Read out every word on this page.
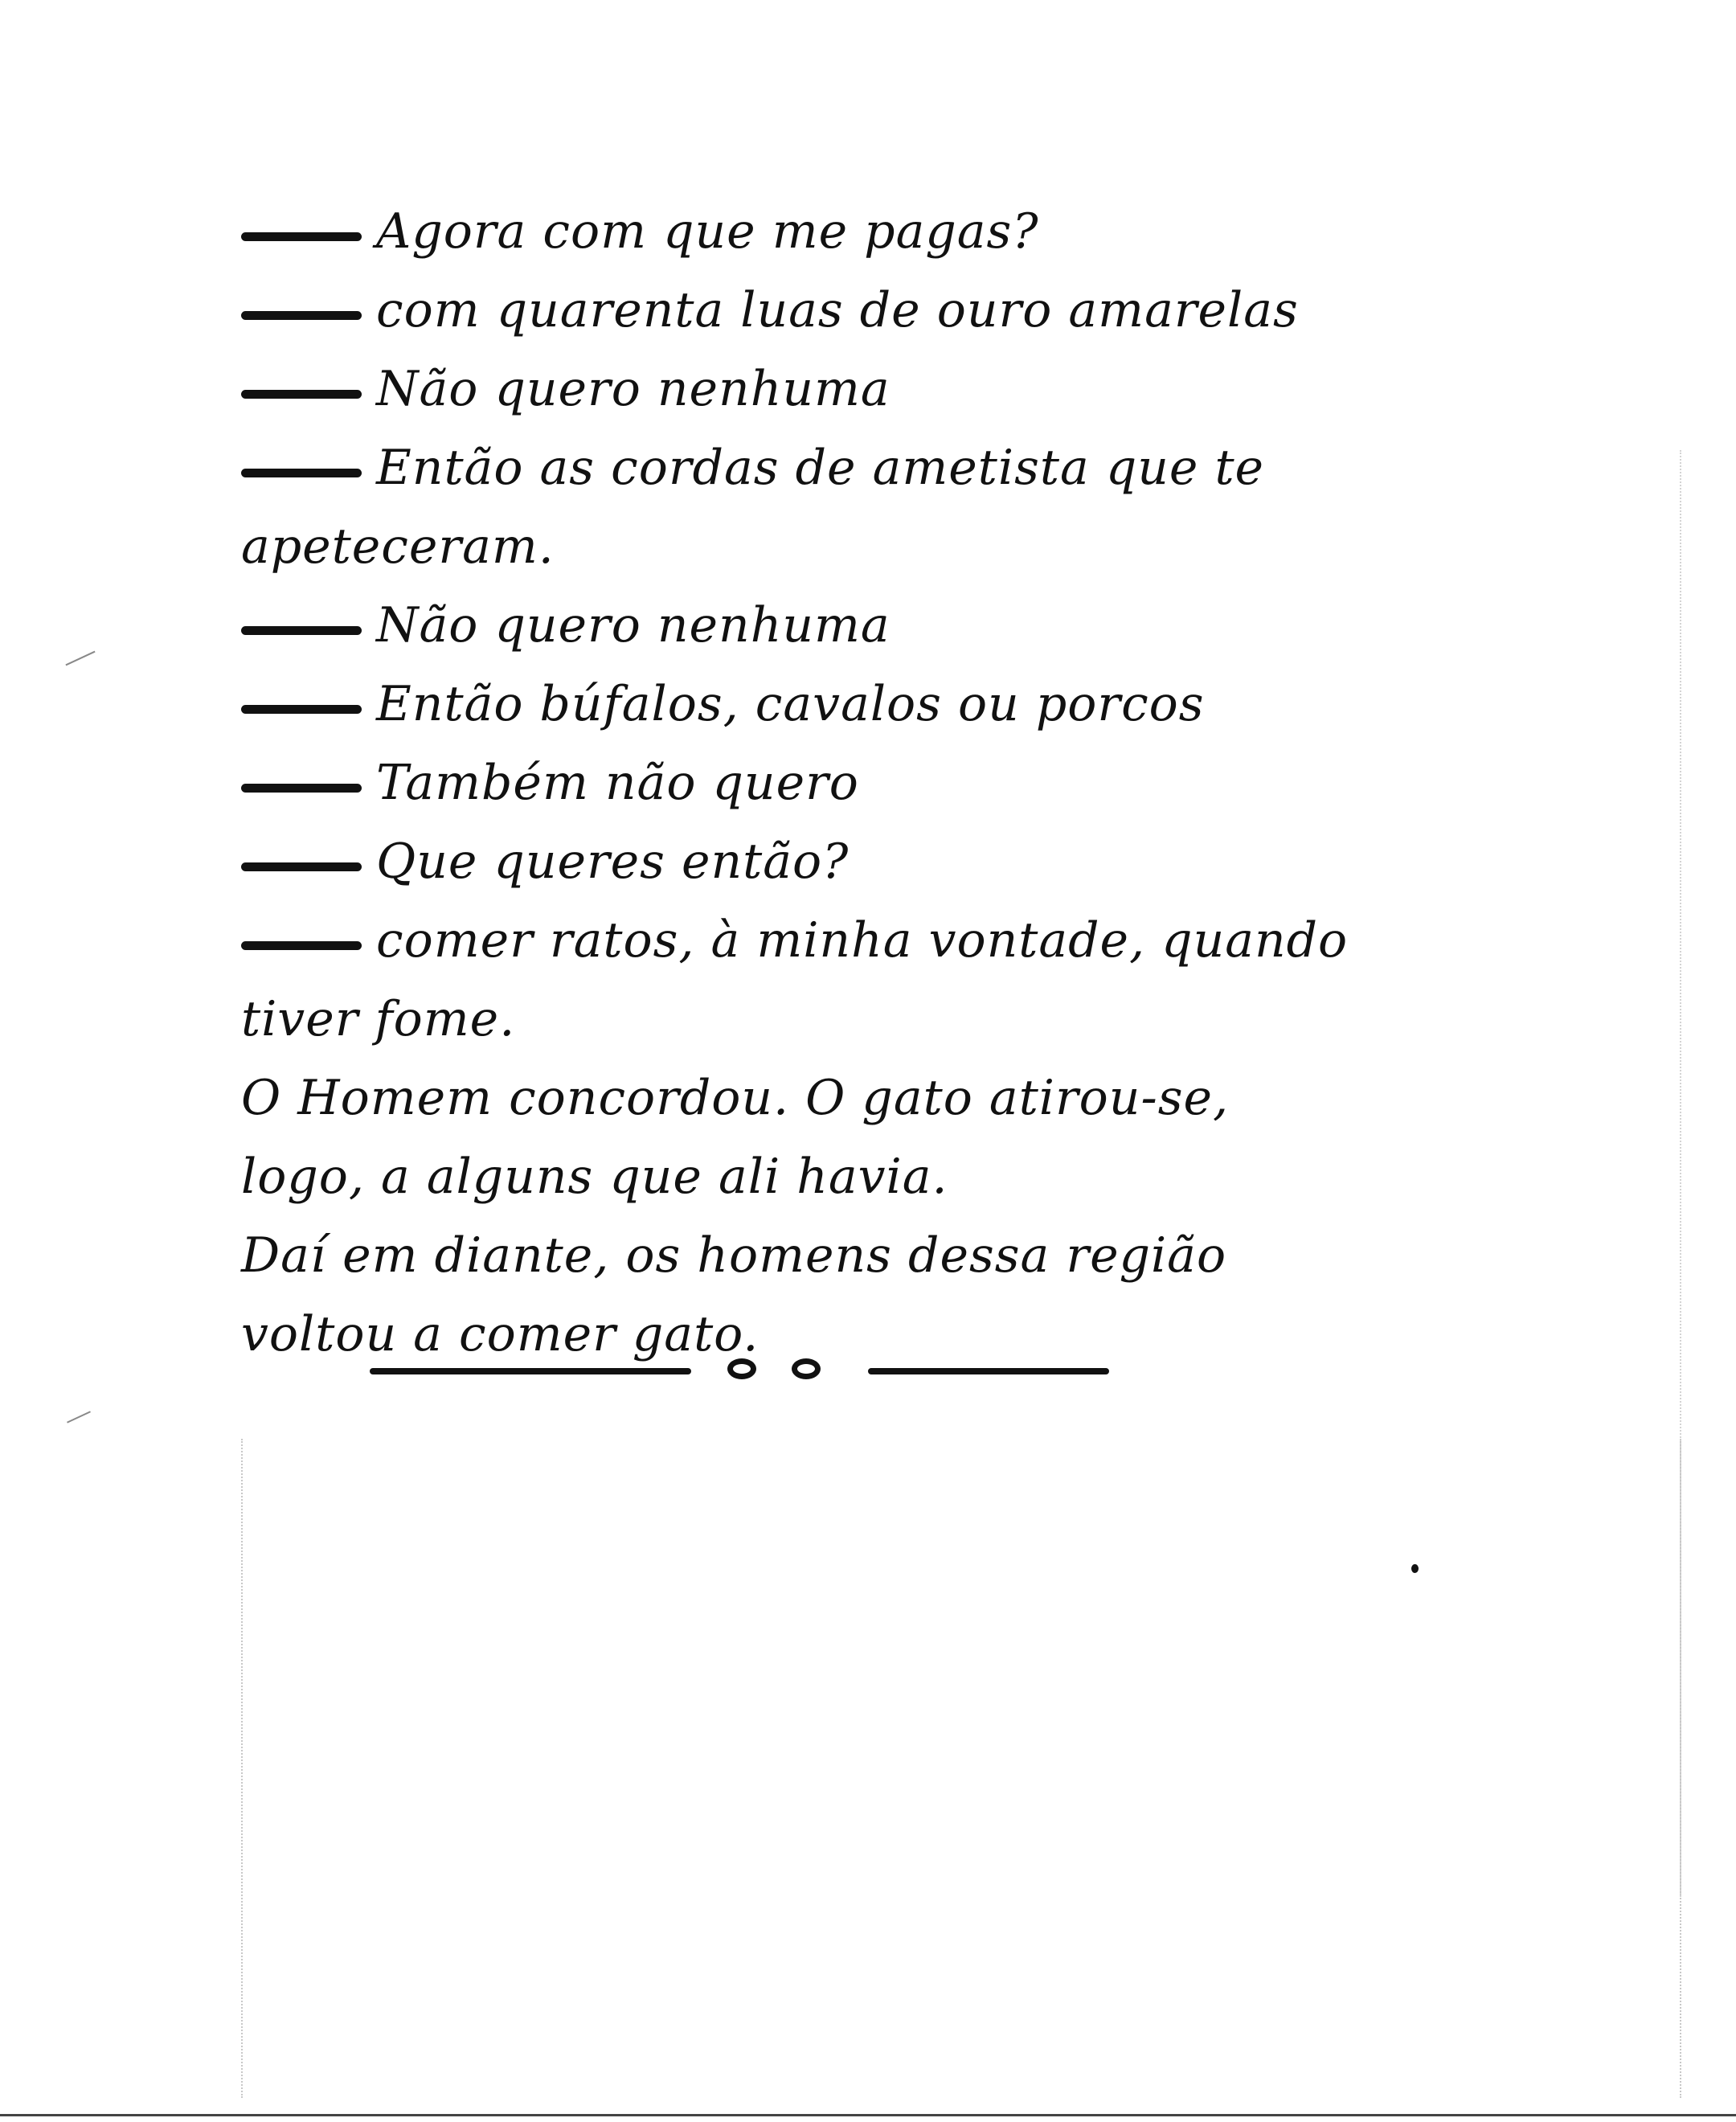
Agora com que me pagas?
com quarenta luas de ouro amarelas
Não quero nenhuma
Então as cordas de ametista que te
apeteceram.
Não quero nenhuma
Então búfalos, cavalos ou porcos
Também não quero
Que queres então?
comer ratos, à minha vontade, quando
tiver fome.
O Homem concordou. O gato atirou-se,
logo, a alguns que ali havia.
Daí em diante, os homens dessa região
voltou a comer gato.
